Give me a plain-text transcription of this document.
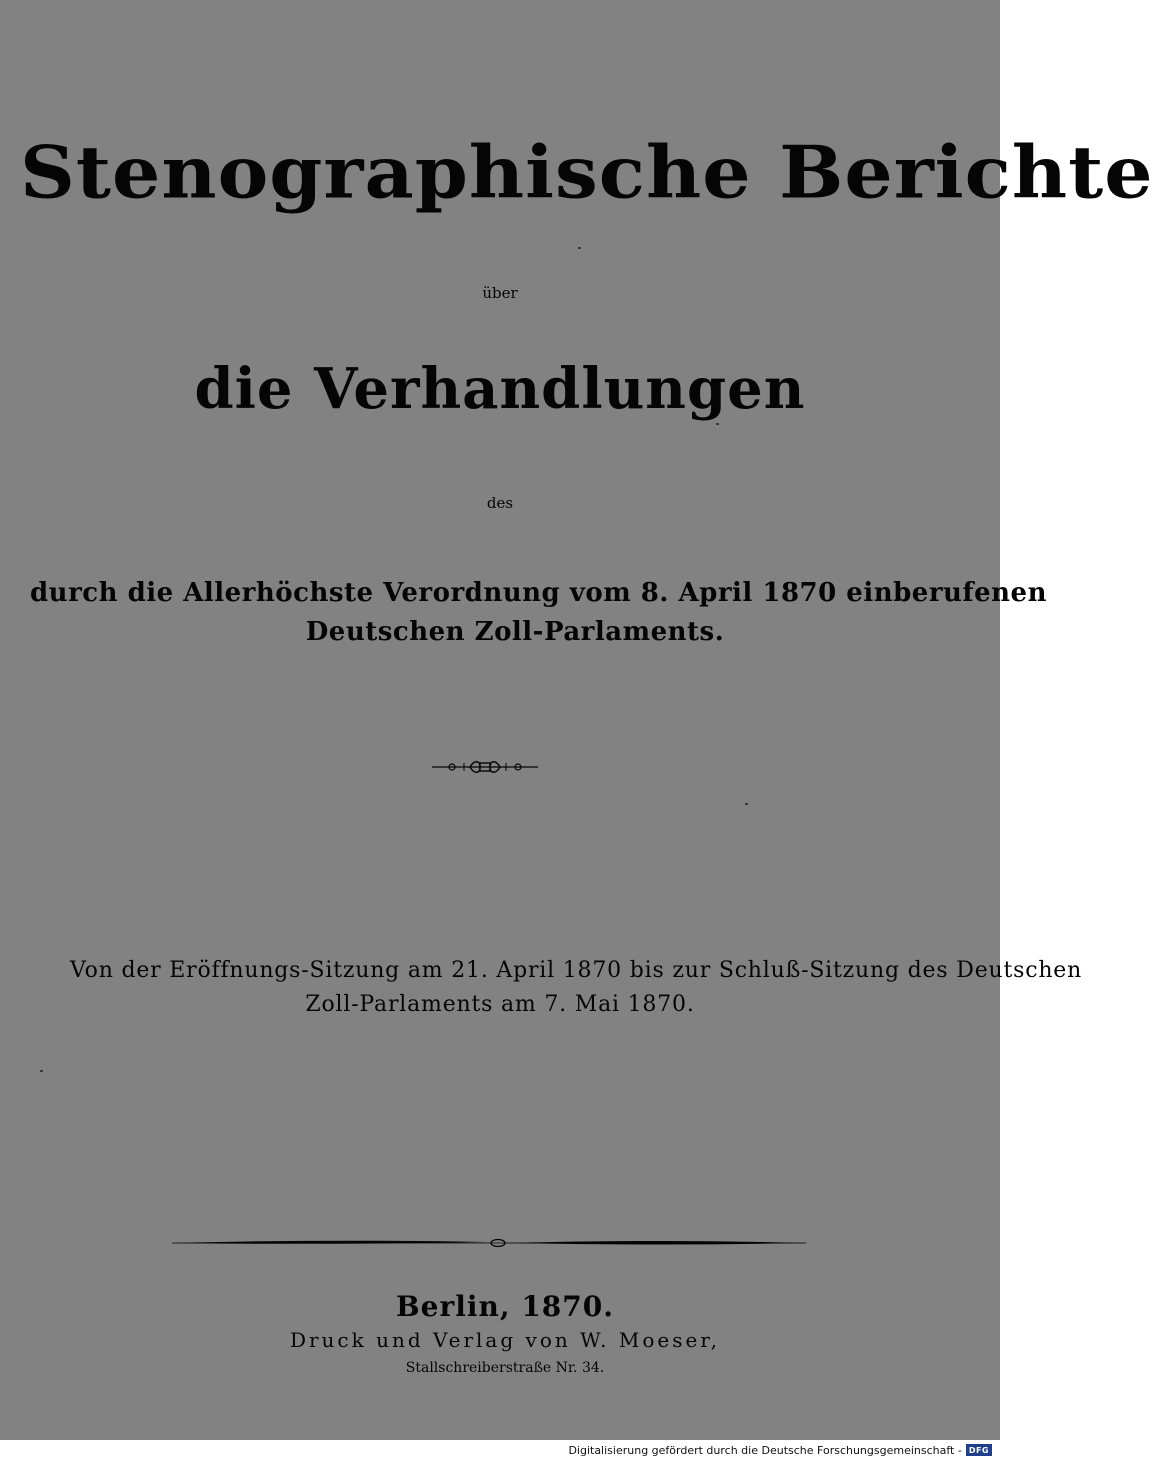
Stenographische Berichte
über
die Verhandlungen
des
durch die Allerhöchste Verordnung vom 8. April 1870 einberufenen
Deutschen Zoll-Parlaments.
Von der Eröffnungs-Sitzung am 21. April 1870 bis zur Schluß-Sitzung des Deutschen
Zoll-Parlaments am 7. Mai 1870.
Berlin, 1870.
Druck und Verlag von W. Moeser,
Stallschreiberstraße Nr. 34.
Digitalisierung gefördert durch die Deutsche Forschungsgemeinschaft - DFG
